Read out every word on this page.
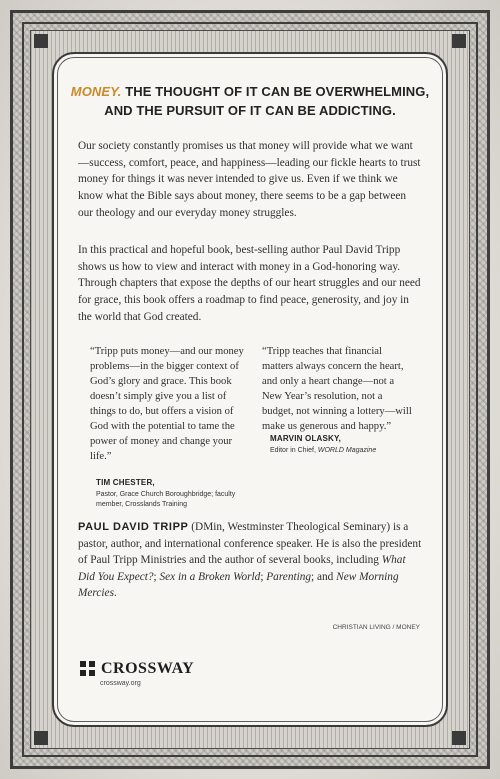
MONEY. THE THOUGHT OF IT CAN BE OVERWHELMING,
AND THE PURSUIT OF IT CAN BE ADDICTING.

Our society constantly promises us that money will provide what we want—success, comfort, peace, and happiness—leading our fickle hearts to trust money for things it was never intended to give us. Even if we think we know what the Bible says about money, there seems to be a gap between our theology and our everyday money struggles.

In this practical and hopeful book, best-selling author Paul David Tripp shows us how to view and interact with money in a God-honoring way. Through chapters that expose the depths of our heart struggles and our need for grace, this book offers a roadmap to find peace, generosity, and joy in the world that God created.

“Tripp puts money—and our money problems—in the bigger context of God’s glory and grace. This book doesn’t simply give you a list of things to do, but offers a vision of God with the potential to tame the power of money and change your life.”

TIM CHESTER,
Pastor, Grace Church Boroughbridge; faculty member, Crosslands Training

“Tripp teaches that financial matters always concern the heart, and only a heart change—not a New Year’s resolution, not a budget, not winning a lottery—will make us generous and happy.”

MARVIN OLASKY,
Editor in Chief, WORLD Magazine

PAUL DAVID TRIPP (DMin, Westminster Theological Seminary) is a pastor, author, and international conference speaker. He is also the president of Paul Tripp Ministries and the author of several books, including What Did You Expect?; Sex in a Broken World; Parenting; and New Morning Mercies.

CHRISTIAN LIVING / MONEY
CROSSWAY
crossway.org
